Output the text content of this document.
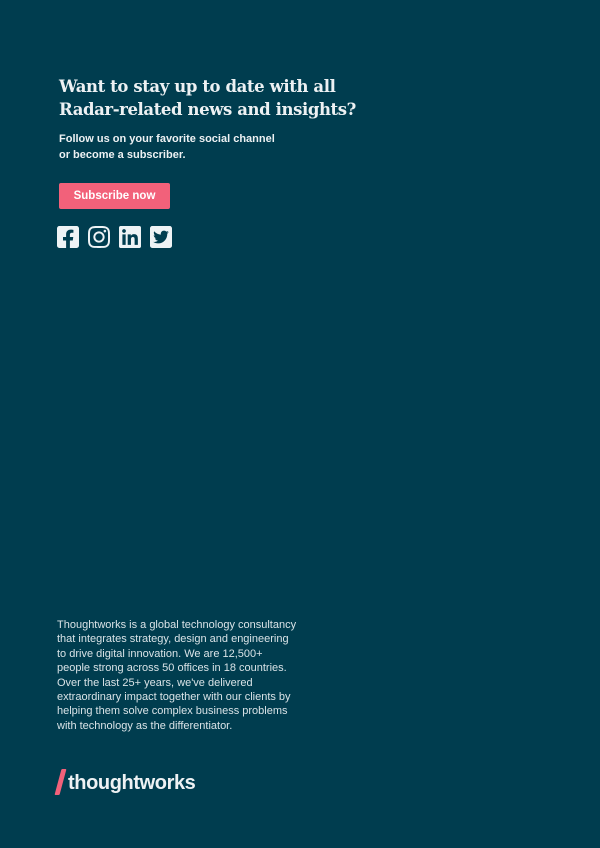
Want to stay up to date with all
Radar-related news and insights?

Follow us on your favorite social channel
or become a subscriber.

Subscribe now

Thoughtworks is a global technology consultancy
that integrates strategy, design and engineering
to drive digital innovation. We are 12,500+
people strong across 50 offices in 18 countries.
Over the last 25+ years, we've delivered
extraordinary impact together with our clients by
helping them solve complex business problems
with technology as the differentiator.

thoughtworks
